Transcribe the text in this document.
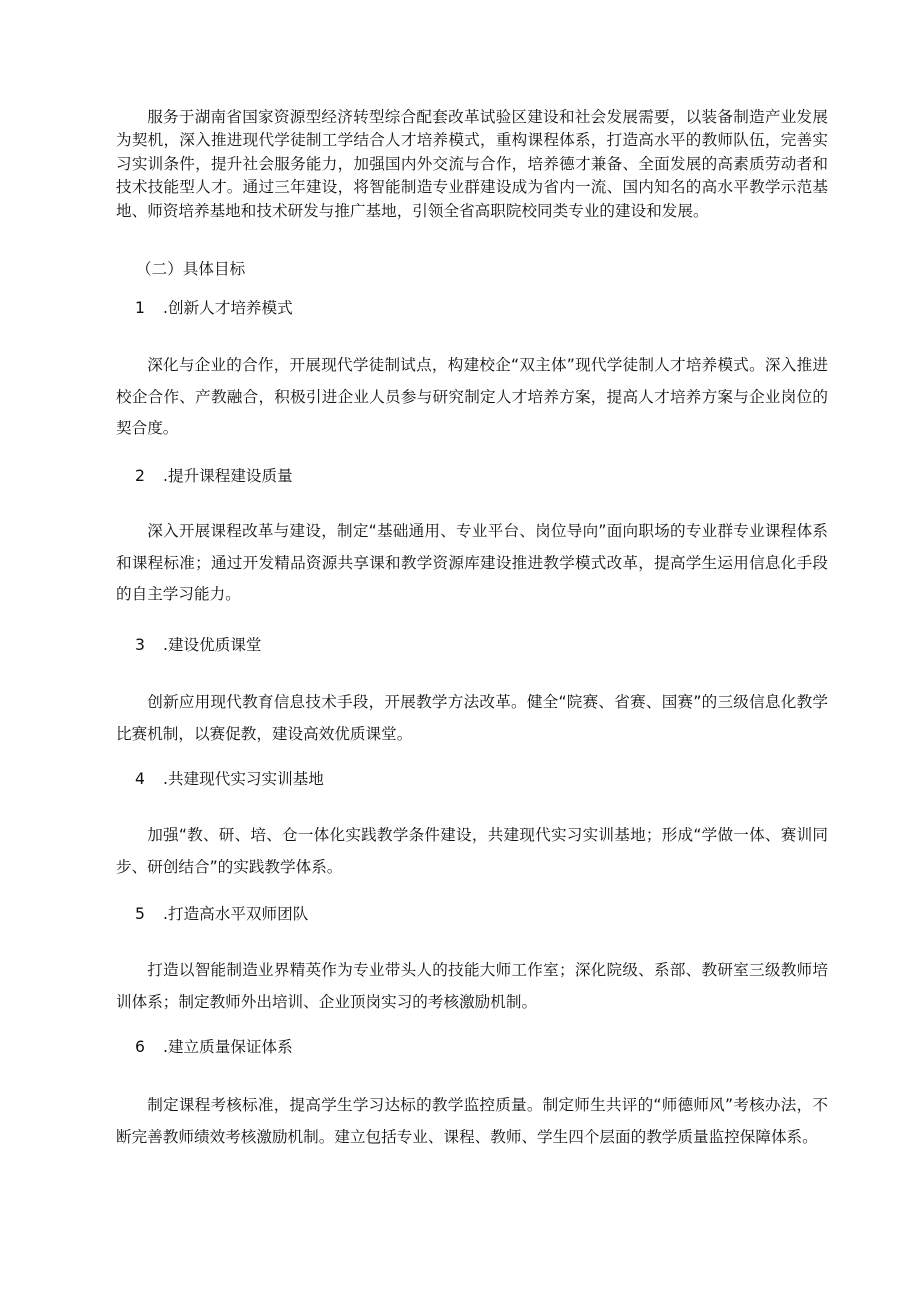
服务于湖南省国家资源型经济转型综合配套改革试验区建设和社会发展需要，以装备制造产业发展为契机，深入推进现代学徒制工学结合人才培养模式，重构课程体系，打造高水平的教师队伍，完善实习实训条件，提升社会服务能力，加强国内外交流与合作，培养德才兼备、全面发展的高素质劳动者和技术技能型人才。通过三年建设，将智能制造专业群建设成为省内一流、国内知名的高水平教学示范基地、师资培养基地和技术研发与推广基地，引领全省高职院校同类专业的建设和发展。

（二）具体目标

1 .创新人才培养模式

深化与企业的合作，开展现代学徒制试点，构建校企“双主体”现代学徒制人才培养模式。深入推进校企合作、产教融合，积极引进企业人员参与研究制定人才培养方案，提高人才培养方案与企业岗位的契合度。

2 .提升课程建设质量

深入开展课程改革与建设，制定“基础通用、专业平台、岗位导向”面向职场的专业群专业课程体系和课程标准；通过开发精品资源共享课和教学资源库建设推进教学模式改革，提高学生运用信息化手段的自主学习能力。

3 .建设优质课堂

创新应用现代教育信息技术手段，开展教学方法改革。健全“院赛、省赛、国赛”的三级信息化教学比赛机制，以赛促教，建设高效优质课堂。

4 .共建现代实习实训基地

加强“教、研、培、仓一体化实践教学条件建设，共建现代实习实训基地；形成“学做一体、赛训同步、研创结合”的实践教学体系。

5 .打造高水平双师团队

打造以智能制造业界精英作为专业带头人的技能大师工作室；深化院级、系部、教研室三级教师培训体系；制定教师外出培训、企业顶岗实习的考核激励机制。

6 .建立质量保证体系

制定课程考核标准，提高学生学习达标的教学监控质量。制定师生共评的“师德师风”考核办法，不断完善教师绩效考核激励机制。建立包括专业、课程、教师、学生四个层面的教学质量监控保障体系。
